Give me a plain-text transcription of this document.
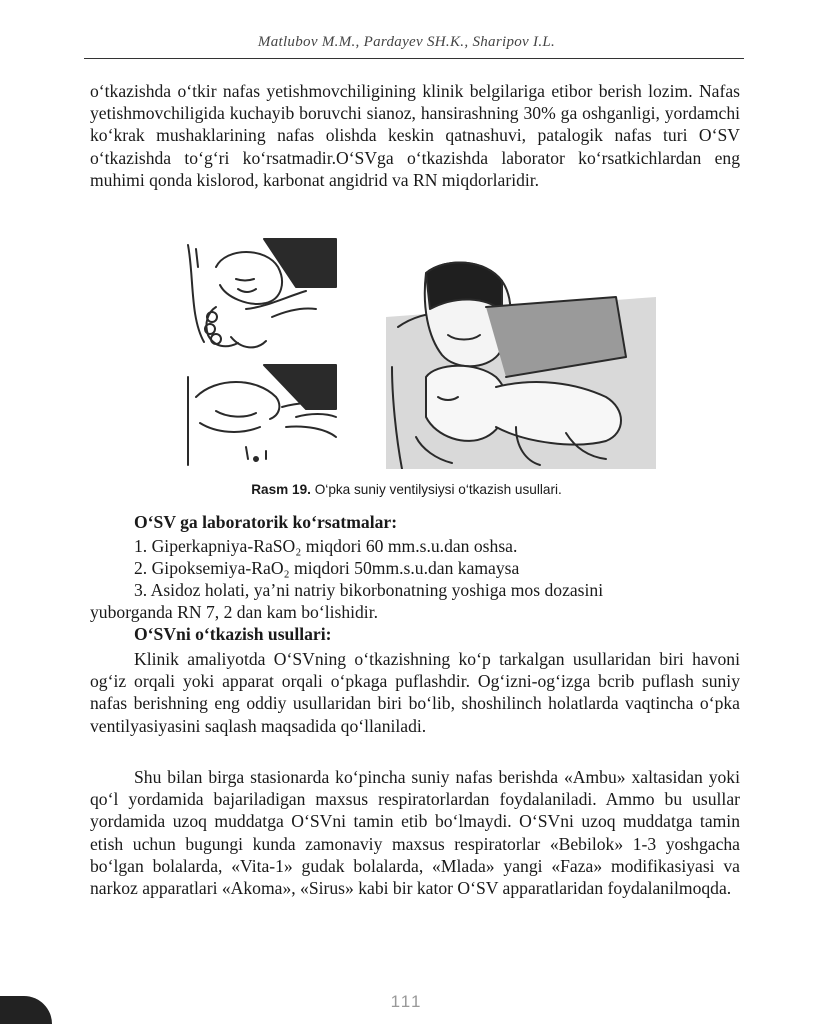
Matlubov M.M., Pardayev SH.K., Sharipov I.L.

o‘tkazishda o‘tkir nafas yetishmovchiligining klinik belgilariga etibor berish lozim. Nafas yetishmovchiligida kuchayib boruvchi sianoz, hansirashning 30% ga oshganligi, yordamchi ko‘krak mushaklarining nafas olishda keskin qatnashuvi, patalogik nafas turi O‘SV o‘tkazishda to‘g‘ri ko‘rsatmadir.O‘SVga o‘tkazishda laborator ko‘rsatkichlardan eng muhimi qonda kislorod, karbonat angidrid va RN miqdorlaridir.

Rasm 19. O‘pka suniy ventilysiysi o‘tkazish usullari.

O‘SV ga laboratorik ko‘rsatmalar:

1. Giperkapniya-RaSO₂ miqdori 60 mm.s.u.dan oshsa.

2. Gipoksemiya-RaO₂ miqdori 50mm.s.u.dan kamaysa

3. Asidoz holati, ya’ni natriy bikorbonatning yoshiga mos dozasini

yuborganda RN 7, 2 dan kam bo‘lishidir.

O‘SVni o‘tkazish usullari:

Klinik amaliyotda O‘SVning o‘tkazishning ko‘p tarkalgan usullaridan biri havoni og‘iz orqali yoki apparat orqali o‘pkaga puflashdir. Og‘izni-og‘izga bcrib puflash suniy nafas berishning eng oddiy usullaridan biri bo‘lib, shoshilinch holatlarda vaqtincha o‘pka ventilyasiyasini saqlash maqsadida qo‘llaniladi.

Shu bilan birga stasionarda ko‘pincha suniy nafas berishda «Ambu» xaltasidan yoki qo‘l yordamida bajariladigan maxsus respiratorlardan foydalaniladi. Ammo bu usullar yordamida uzoq muddatga O‘SVni tamin etib bo‘lmaydi. O‘SVni uzoq muddatga tamin etish uchun bugungi kunda zamonaviy maxsus respiratorlar «Bebilok» 1-3 yoshgacha bo‘lgan bolalarda, «Vita-1» gudak bolalarda, «Mlada» yangi «Faza» modifikasiyasi va narkoz apparatlari «Akoma», «Sirus» kabi bir kator O‘SV apparatlaridan foydalanilmoqda.

111
